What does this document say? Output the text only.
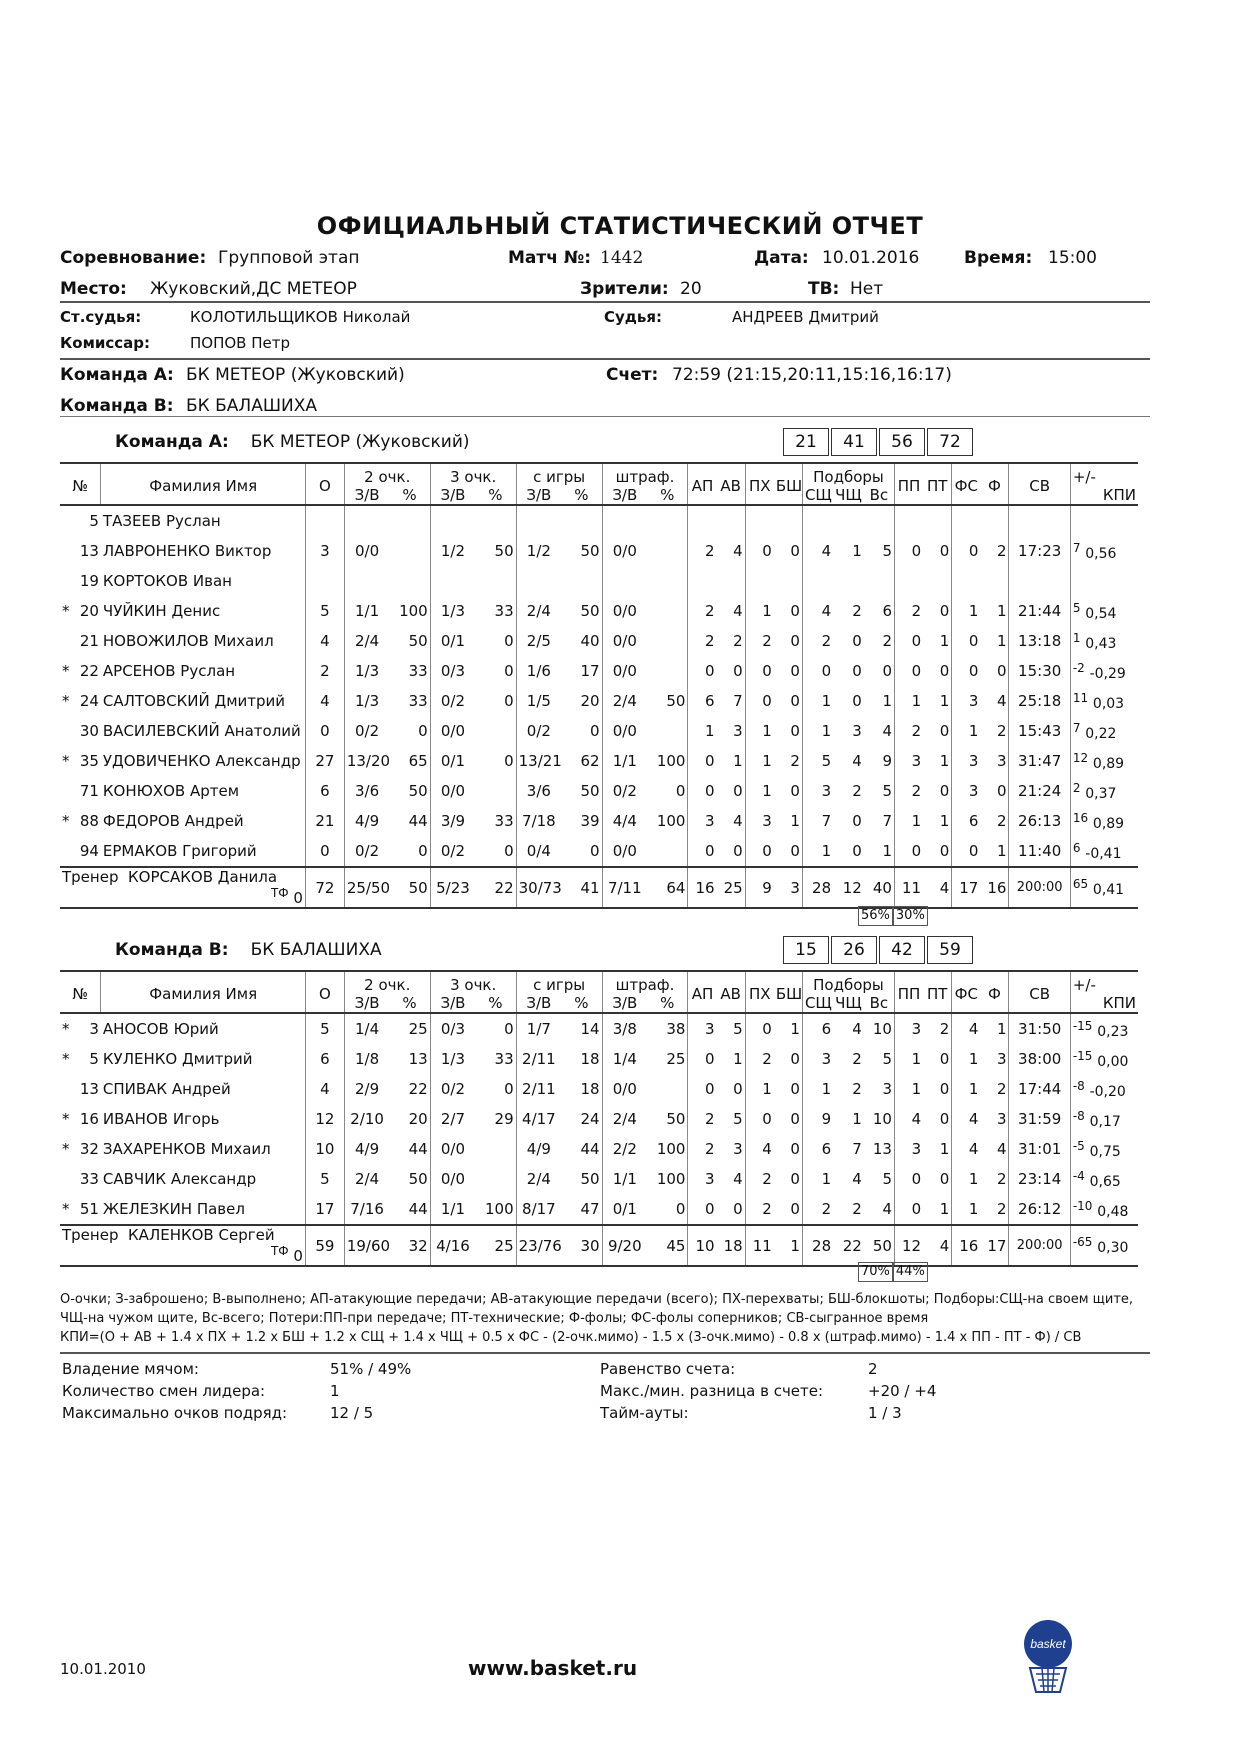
ОФИЦИАЛЬНЫЙ СТАТИСТИЧЕСКИЙ ОТЧЕТ
Соревнование: Групповой этап	Матч №: 1442	Дата: 10.01.2016	Время: 15:00
Место: Жуковский,ДС МЕТЕОР	Зрители: 20	ТВ: Нет
Ст.судья:	КОЛОТИЛЬЩИКОВ Николай	Судья:	АНДРЕЕВ Дмитрий
Комиссар:	ПОПОВ Петр
Команда А: БК МЕТЕОР (Жуковский)	Счет: 72:59 (21:15,20:11,15:16,16:17)
Команда В: БК БАЛАШИХА
Команда А: БК МЕТЕОР (Жуковский)	21	41	56	72
№	Фамилия Имя	О	2 очк.		3 очк.		с игры		штраф.		АП	АВ	ПХ	БШ	Подборы			ПП	ПТ	ФС	Ф	СВ	+/-
			З/В	%	З/В	%	З/В	%	З/В	%					СЩ	ЧЩ	Вс						КПИ

5	ТАЗЕЕВ Руслан																						

13	ЛАВРОНЕНКО Виктор	3	0/0		1/2	50	1/2	50	0/0		2	4	0	0	4	1	5	0	0	0	2	17:23	$^7$ 0,56

19	КОРТОКОВ Иван																						

* 20	ЧУЙКИН Денис	5	1/1	100	1/3	33	2/4	50	0/0		2	4	1	0	4	2	6	2	0	1	1	21:44	$^5$ 0,54

21	НОВОЖИЛОВ Михаил	4	2/4	50	0/1	0	2/5	40	0/0		2	2	2	0	2	0	2	0	1	0	1	13:18	$^1$ 0,43

* 22	АРСЕНОВ Руслан	2	1/3	33	0/3	0	1/6	17	0/0		0	0	0	0	0	0	0	0	0	0	0	15:30	$^{-2}$ -0,29

* 24	САЛТОВСКИЙ Дмитрий	4	1/3	33	0/2	0	1/5	20	2/4	50	6	7	0	0	1	0	1	1	1	3	4	25:18	$^{11}$ 0,03

30	ВАСИЛЕВСКИЙ Анатолий	0	0/2	0	0/0		0/2	0	0/0		1	3	1	0	1	3	4	2	0	1	2	15:43	$^7$ 0,22

* 35	УДОВИЧЕНКО Александр	27	13/20	65	0/1	0	13/21	62	1/1	100	0	1	1	2	5	4	9	3	1	3	3	31:47	$^{12}$ 0,89

71	КОНЮХОВ Артем	6	3/6	50	0/0		3/6	50	0/2	0	0	0	1	0	3	2	5	2	0	3	0	21:24	$^2$ 0,37

* 88	ФЕДОРОВ Андрей	21	4/9	44	3/9	33	7/18	39	4/4	100	3	4	3	1	7	0	7	1	1	6	2	26:13	$^{16}$ 0,89

94	ЕРМАКОВ Григорий	0	0/2	0	0/2	0	0/4	0	0/0		0	0	0	0	1	0	1	0	0	0	1	11:40	$^6$ -0,41
Тренер КОРСАКОВ Данила
$^{ТФ}$ 0		72	25/50	50	5/23	22	30/73	41	7/11	64	16	25	9	3	28	12	40	11	4	17	16	200:00	$^{65}$ 0,41
56% 30%
Команда В: БК БАЛАШИХА	15	26	42	59
№	Фамилия Имя	О	2 очк.		3 очк.		с игры		штраф.		АП	АВ	ПХ	БШ	Подборы			ПП	ПТ	ФС	Ф	СВ	+/-
			З/В	%	З/В	%	З/В	%	З/В	%					СЩ	ЧЩ	Вс						КПИ

* 3	АНОСОВ Юрий	5	1/4	25	0/3	0	1/7	14	3/8	38	3	5	0	1	6	4	10	3	2	4	1	31:50	$^{-15}$ 0,23

* 5	КУЛЕНКО Дмитрий	6	1/8	13	1/3	33	2/11	18	1/4	25	0	1	2	0	3	2	5	1	0	1	3	38:00	$^{-15}$ 0,00

13	СПИВАК Андрей	4	2/9	22	0/2	0	2/11	18	0/0		0	0	1	0	1	2	3	1	0	1	2	17:44	$^{-8}$ -0,20

* 16	ИВАНОВ Игорь	12	2/10	20	2/7	29	4/17	24	2/4	50	2	5	0	0	9	1	10	4	0	4	3	31:59	$^{-8}$ 0,17

* 32	ЗАХАРЕНКОВ Михаил	10	4/9	44	0/0		4/9	44	2/2	100	2	3	4	0	6	7	13	3	1	4	4	31:01	$^{-5}$ 0,75

33	САВЧИК Александр	5	2/4	50	0/0		2/4	50	1/1	100	3	4	2	0	1	4	5	0	0	1	2	23:14	$^{-4}$ 0,65

* 51	ЖЕЛЕЗКИН Павел	17	7/16	44	1/1	100	8/17	47	0/1	0	0	0	2	0	2	2	4	0	1	1	2	26:12	$^{-10}$ 0,48
Тренер КАЛЕНКОВ Сергей
$^{ТФ}$ 0		59	19/60	32	4/16	25	23/76	30	9/20	45	10	18	11	1	28	22	50	12	4	16	17	200:00	$^{-65}$ 0,30
70% 44%
О-очки; З-заброшено; В-выполнено; АП-атакующие передачи; АВ-атакующие передачи (всего); ПХ-перехваты; БШ-блокшоты; Подборы:СЩ-на своем щите,
ЧЩ-на чужом щите, Вс-всего; Потери:ПП-при передаче; ПТ-технические; Ф-фолы; ФС-фолы соперников; СВ-сыгранное время
КПИ=(О + АВ + 1.4 x ПХ + 1.2 x БШ + 1.2 x СЩ + 1.4 x ЧЩ + 0.5 x ФС - (2-очк.мимо) - 1.5 x (3-очк.мимо) - 0.8 x (штраф.мимо) - 1.4 x ПП - ПТ - Ф) / СВ
Владение мячом:	51% / 49%
Количество смен лидера:	1
Максимально очков подряд:	12 / 5
Равенство счета:	2
Макс./мин. разница в счете:	+20 / +4
Тайм-ауты:	1 / 3
10.01.2010	www.basket.ru
basket
